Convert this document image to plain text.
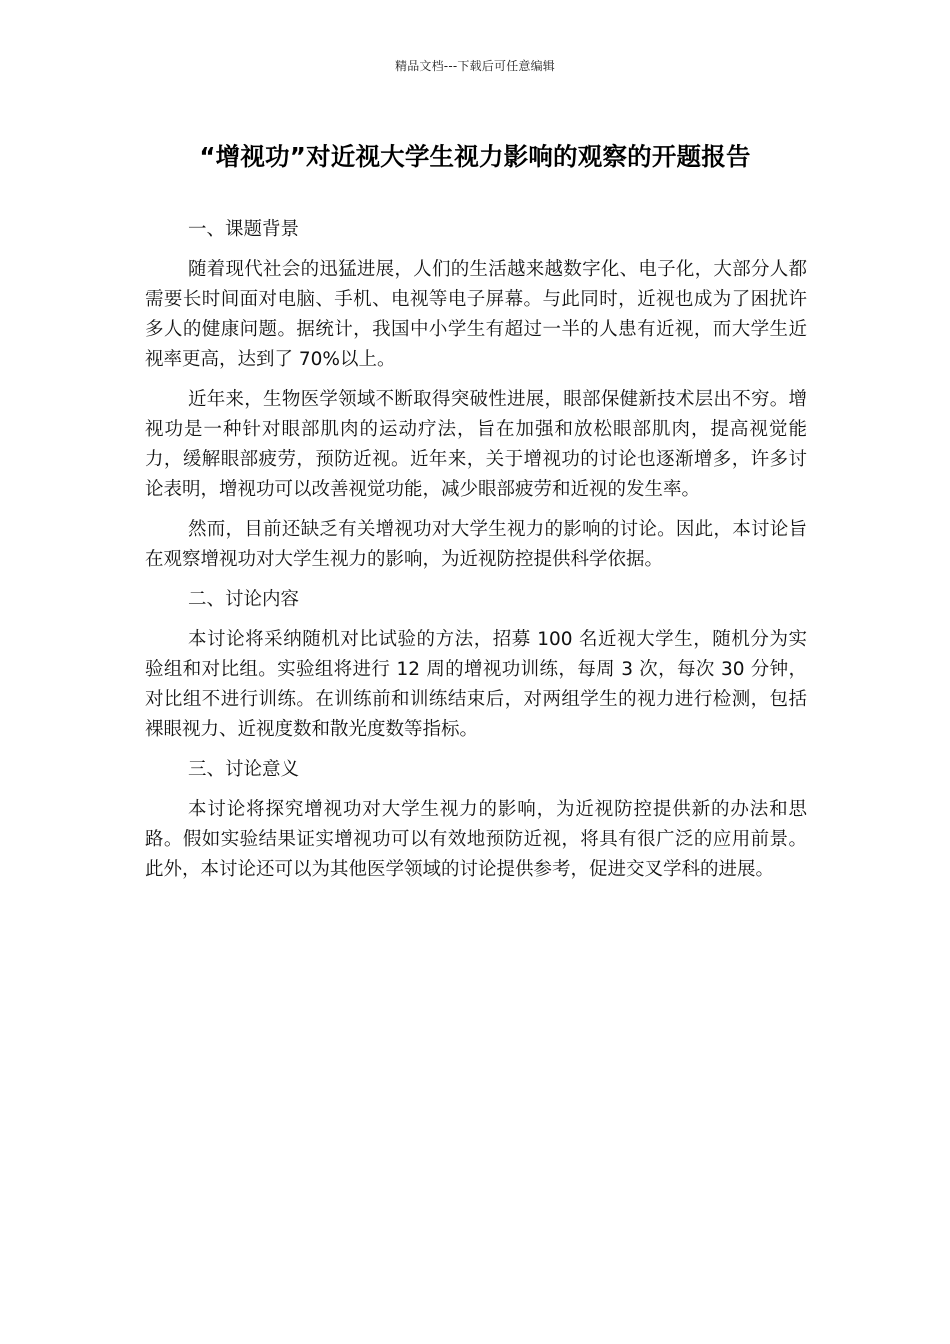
精品文档---下载后可任意编辑
“增视功”对近视大学生视力影响的观察的开题报告

一、课题背景

随着现代社会的迅猛进展，人们的生活越来越数字化、电子化，大部分人都需要长时间面对电脑、手机、电视等电子屏幕。与此同时，近视也成为了困扰许多人的健康问题。据统计，我国中小学生有超过一半的人患有近视，而大学生近视率更高，达到了 70%以上。

近年来，生物医学领域不断取得突破性进展，眼部保健新技术层出不穷。增视功是一种针对眼部肌肉的运动疗法，旨在加强和放松眼部肌肉，提高视觉能力，缓解眼部疲劳，预防近视。近年来，关于增视功的讨论也逐渐增多，许多讨论表明，增视功可以改善视觉功能，减少眼部疲劳和近视的发生率。

然而，目前还缺乏有关增视功对大学生视力的影响的讨论。因此，本讨论旨在观察增视功对大学生视力的影响，为近视防控提供科学依据。

二、讨论内容

本讨论将采纳随机对比试验的方法，招募 100 名近视大学生，随机分为实验组和对比组。实验组将进行 12 周的增视功训练，每周 3 次，每次 30 分钟，对比组不进行训练。在训练前和训练结束后，对两组学生的视力进行检测，包括裸眼视力、近视度数和散光度数等指标。

三、讨论意义

本讨论将探究增视功对大学生视力的影响，为近视防控提供新的办法和思路。假如实验结果证实增视功可以有效地预防近视，将具有很广泛的应用前景。此外，本讨论还可以为其他医学领域的讨论提供参考，促进交叉学科的进展。
